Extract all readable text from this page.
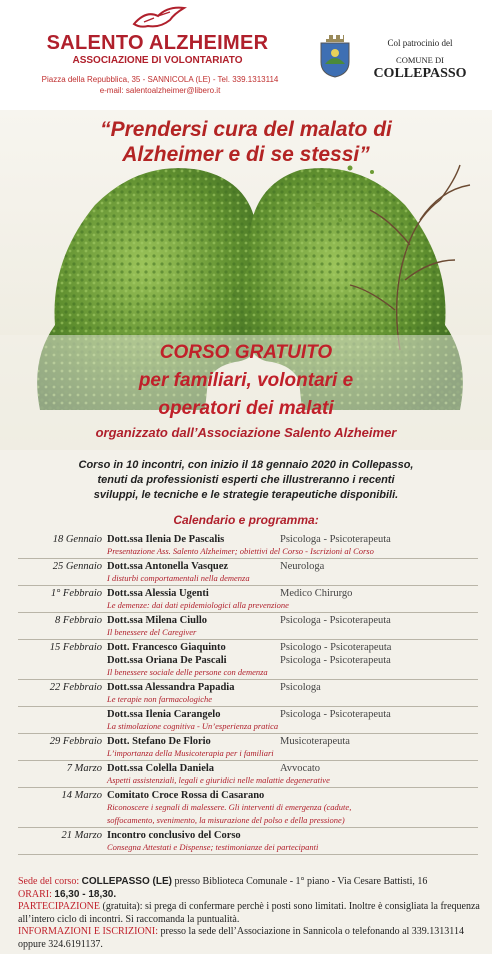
SALENTO ALZHEIMER
ASSOCIAZIONE DI VOLONTARIATO
Piazza della Repubblica, 35 - SANNICOLA (LE) - Tel. 339.1313114
e-mail: salentoalzheimer@libero.it
Col patrocinio del
COMUNE DI
COLLEPASSO
“Prendersi cura del malato di
Alzheimer e di se stessi”
CORSO GRATUITO
per familiari, volontari e
operatori dei malati
organizzato dall’Associazione Salento Alzheimer
Corso in 10 incontri, con inizio il 18 gennaio 2020 in Collepasso,
tenuti da professionisti esperti che illustreranno i recenti
sviluppi, le tecniche e le strategie terapeutiche disponibili.
Calendario e programma:
18 Gennaio Dott.ssa Ilenia De Pascalis	Psicologa - Psicoterapeuta
Presentazione Ass. Salento Alzheimer; obiettivi del Corso - Iscrizioni al Corso
25 Gennaio Dott.ssa Antonella Vasquez	Neurologa
I disturbi comportamentali nella demenza
1° Febbraio Dott.ssa Alessia Ugenti	Medico Chirurgo
Le demenze: dai dati epidemiologici alla prevenzione
8 Febbraio Dott.ssa Milena Ciullo	Psicologa - Psicoterapeuta
Il benessere del Caregiver
15 Febbraio Dott. Francesco Giaquinto	Psicologo - Psicoterapeuta
Dott.ssa Oriana De Pascali	Psicologa - Psicoterapeuta
Il benessere sociale delle persone con demenza
22 Febbraio Dott.ssa Alessandra Papadia	Psicologa
Le terapie non farmacologiche
Dott.ssa Ilenia Carangelo	Psicologa - Psicoterapeuta
La stimolazione cognitiva - Un’esperienza pratica
29 Febbraio Dott. Stefano De Florio	Musicoterapeuta
L’importanza della Musicoterapia per i familiari
7 Marzo Dott.ssa Colella Daniela	Avvocato
Aspetti assistenziali, legali e giuridici nelle malattie degenerative
14 Marzo Comitato Croce Rossa di Casarano
Riconoscere i segnali di malessere. Gli interventi di emergenza (cadute,
soffocamento, svenimento, la misurazione del polso e della pressione)
21 Marzo Incontro conclusivo del Corso
Consegna Attestati e Dispense; testimonianze dei partecipanti
Sede del corso: COLLEPASSO (LE) presso Biblioteca Comunale - 1° piano - Via Cesare Battisti, 16
ORARI: 16,30 - 18,30.
PARTECIPAZIONE (gratuita): si prega di confermare perchè i posti sono limitati. Inoltre è consigliata la frequenza all’intero ciclo di incontri. Si raccomanda la puntualità.
INFORMAZIONI E ISCRIZIONI: presso la sede dell’Associazione in Sannicola o telefonando al 339.1313114 oppure 324.6191137.
